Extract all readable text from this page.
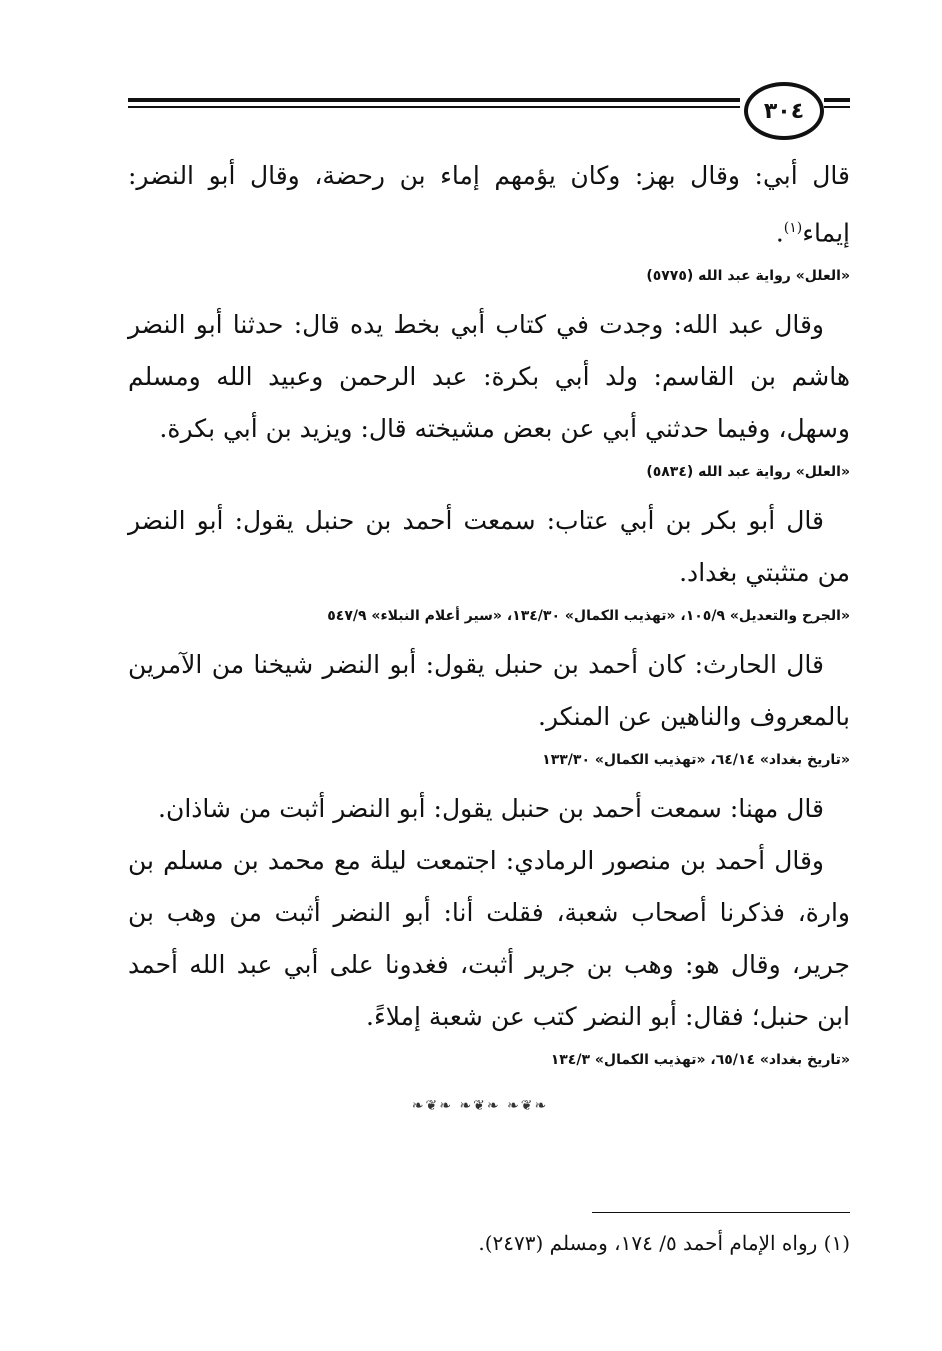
٣٠٤

قال أبي: وقال بهز: وكان يؤمهم إماء بن رحضة، وقال أبو النضر: إيماء$^{(١)}$.

«العلل» رواية عبد الله (٥٧٧٥)

وقال عبد الله: وجدت في كتاب أبي بخط يده قال: حدثنا أبو النضر هاشم بن القاسم: ولد أبي بكرة: عبد الرحمن وعبيد الله ومسلم وسهل، وفيما حدثني أبي عن بعض مشيخته قال: ويزيد بن أبي بكرة.

«العلل» رواية عبد الله (٥٨٣٤)

قال أبو بكر بن أبي عتاب: سمعت أحمد بن حنبل يقول: أبو النضر من متثبتي بغداد.

«الجرح والتعديل» ١٠٥/٩، «تهذيب الكمال» ١٣٤/٣٠، «سير أعلام النبلاء» ٥٤٧/٩

قال الحارث: كان أحمد بن حنبل يقول: أبو النضر شيخنا من الآمرين بالمعروف والناهين عن المنكر.

«تاريخ بغداد» ٦٤/١٤، «تهذيب الكمال» ١٣٣/٣٠

قال مهنا: سمعت أحمد بن حنبل يقول: أبو النضر أثبت من شاذان.

وقال أحمد بن منصور الرمادي: اجتمعت ليلة مع محمد بن مسلم بن وارة، فذكرنا أصحاب شعبة، فقلت أنا: أبو النضر أثبت من وهب بن جرير، وقال هو: وهب بن جرير أثبت، فغدونا على أبي عبد الله أحمد ابن حنبل؛ فقال: أبو النضر كتب عن شعبة إملاءً.

«تاريخ بغداد» ٦٥/١٤، «تهذيب الكمال» ١٣٤/٣
❧❦❧ ❧❦❧ ❧❦❧
(١) رواه الإمام أحمد ٥/ ١٧٤، ومسلم (٢٤٧٣).
